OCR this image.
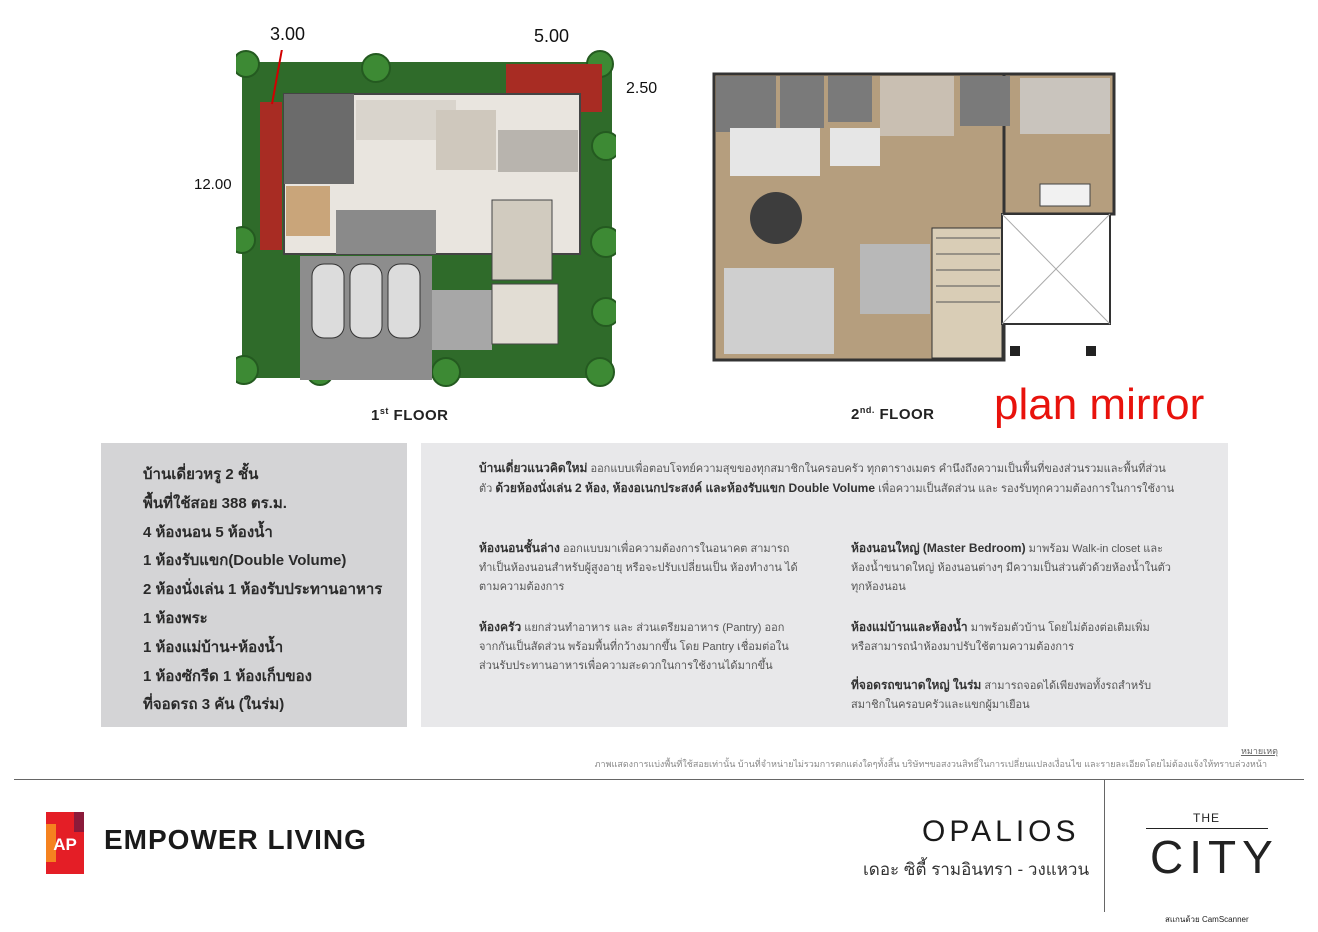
3.00	5.00
2.50
12.00
1st FLOOR	$2^{nd.}$ FLOOR plan mirror
บ้านเดี่ยวหรู 2 ชั้น
พื้นที่ใช้สอย 388 ตร.ม.
4 ห้องนอน 5 ห้องน้ำ
1 ห้องรับแขก(Double Volume)
2 ห้องนั่งเล่น 1 ห้องรับประทานอาหาร
1 ห้องพระ
1 ห้องแม่บ้าน+ห้องน้ำ
1 ห้องซักรีด 1 ห้องเก็บของ
ที่จอดรถ 3 คัน (ในร่ม)
บ้านเดี่ยวแนวคิดใหม่ ออกแบบเพื่อตอบโจทย์ความสุขของทุกสมาชิกในครอบครัว ทุกตารางเมตร คำนึงถึงความเป็นพื้นที่ของส่วนรวมและพื้นที่ส่วนตัว ด้วยห้องนั่งเล่น 2 ห้อง, ห้องอเนกประสงค์ และห้องรับแขก Double Volume เพื่อความเป็นสัดส่วน และ รองรับทุกความต้องการในการใช้งาน
ห้องนอนชั้นล่าง ออกแบบมาเพื่อความต้องการในอนาคต สามารถทำเป็นห้องนอนสำหรับผู้สูงอายุ หรือจะปรับเปลี่ยนเป็น ห้องทำงาน ได้ตามความต้องการ
ห้องครัว แยกส่วนทำอาหาร และ ส่วนเตรียมอาหาร (Pantry) ออกจากกันเป็นสัดส่วน พร้อมพื้นที่กว้างมากขึ้น โดย Pantry เชื่อมต่อในส่วนรับประทานอาหารเพื่อความสะดวกในการใช้งานได้มากขึ้น
ห้องนอนใหญ่ (Master Bedroom) มาพร้อม Walk-in closet และห้องน้ำขนาดใหญ่ ห้องนอนต่างๆ มีความเป็นส่วนตัวด้วยห้องน้ำในตัวทุกห้องนอน
ห้องแม่บ้านและห้องน้ำ มาพร้อมตัวบ้าน โดยไม่ต้องต่อเติมเพิ่ม หรือสามารถนำห้องมาปรับใช้ตามความต้องการ
ที่จอดรถขนาดใหญ่ ในร่ม สามารถจอดได้เพียงพอทั้งรถสำหรับสมาชิกในครอบครัวและแขกผู้มาเยือน
หมายเหตุ
ภาพแสดงการแบ่งพื้นที่ใช้สอยเท่านั้น บ้านที่จำหน่ายไม่รวมการตกแต่งใดๆทั้งสิ้น บริษัทฯขอสงวนสิทธิ์ในการเปลี่ยนแปลงเงื่อนไข และรายละเอียดโดยไม่ต้องแจ้งให้ทราบล่วงหน้า
AP EMPOWER LIVING	OPALIOS
เดอะ ซิตี้ รามอินทรา - วงแหวน
THE
CITY
สแกนด้วย CamScanner
